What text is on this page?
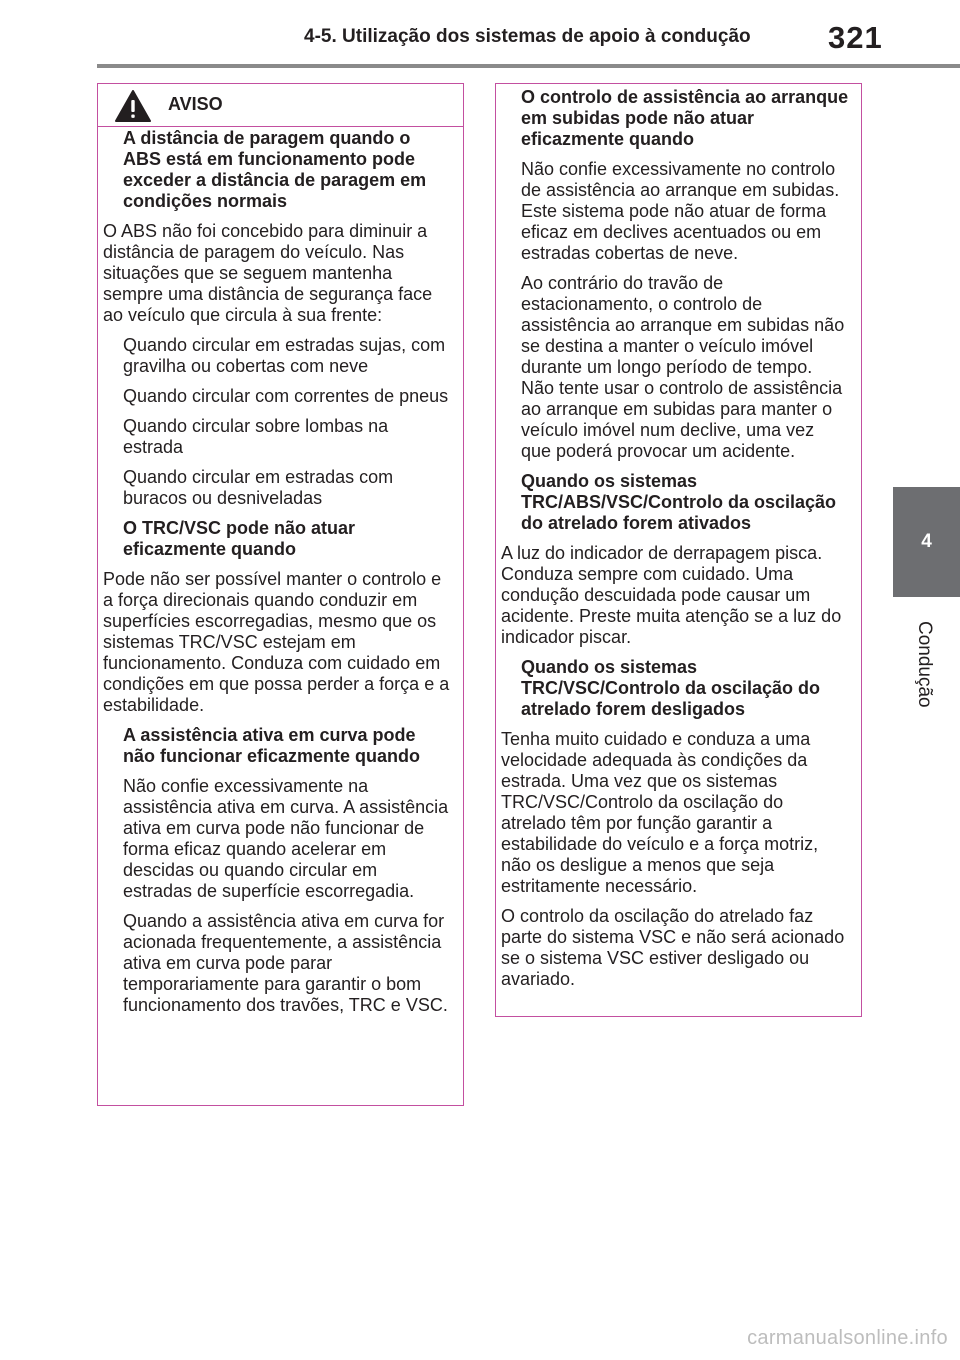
4-5. Utilização dos sistemas de apoio à condução 321
4
Condução
AVISO

A distância de paragem quando o ABS está em funcionamento pode exceder a distância de paragem em condições normais

O ABS não foi concebido para diminuir a distância de paragem do veículo. Nas situações que se seguem mantenha sempre uma distância de segurança face ao veículo que circula à sua frente:

Quando circular em estradas sujas, com gravilha ou cobertas com neve

Quando circular com correntes de pneus

Quando circular sobre lombas na estrada

Quando circular em estradas com buracos ou desniveladas

O TRC/VSC pode não atuar eficazmente quando

Pode não ser possível manter o controlo e a força direcionais quando conduzir em superfícies escorregadias, mesmo que os sistemas TRC/VSC estejam em funcionamento. Conduza com cuidado em condições em que possa perder a força e a estabilidade.

A assistência ativa em curva pode não funcionar eficazmente quando

Não confie excessivamente na assistência ativa em curva. A assistência ativa em curva pode não funcionar de forma eficaz quando acelerar em descidas ou quando circular em estradas de superfície escorregadia.

Quando a assistência ativa em curva for acionada frequentemente, a assistência ativa em curva pode parar temporariamente para garantir o bom funcionamento dos travões, TRC e VSC.

O controlo de assistência ao arranque em subidas pode não atuar eficazmente quando

Não confie excessivamente no controlo de assistência ao arranque em subidas. Este sistema pode não atuar de forma eficaz em declives acentuados ou em estradas cobertas de neve.

Ao contrário do travão de estacionamento, o controlo de assistência ao arranque em subidas não se destina a manter o veículo imóvel durante um longo período de tempo. Não tente usar o controlo de assistência ao arranque em subidas para manter o veículo imóvel num declive, uma vez que poderá provocar um acidente.

Quando os sistemas TRC/ABS/VSC/Controlo da oscilação do atrelado forem ativados

A luz do indicador de derrapagem pisca. Conduza sempre com cuidado. Uma condução descuidada pode causar um acidente. Preste muita atenção se a luz do indicador piscar.

Quando os sistemas TRC/VSC/Controlo da oscilação do atrelado forem desligados

Tenha muito cuidado e conduza a uma velocidade adequada às condições da estrada. Uma vez que os sistemas TRC/VSC/Controlo da oscilação do atrelado têm por função garantir a estabilidade do veículo e a força motriz, não os desligue a menos que seja estritamente necessário.

O controlo da oscilação do atrelado faz parte do sistema VSC e não será acionado se o sistema VSC estiver desligado ou avariado.

carmanualsonline.info
